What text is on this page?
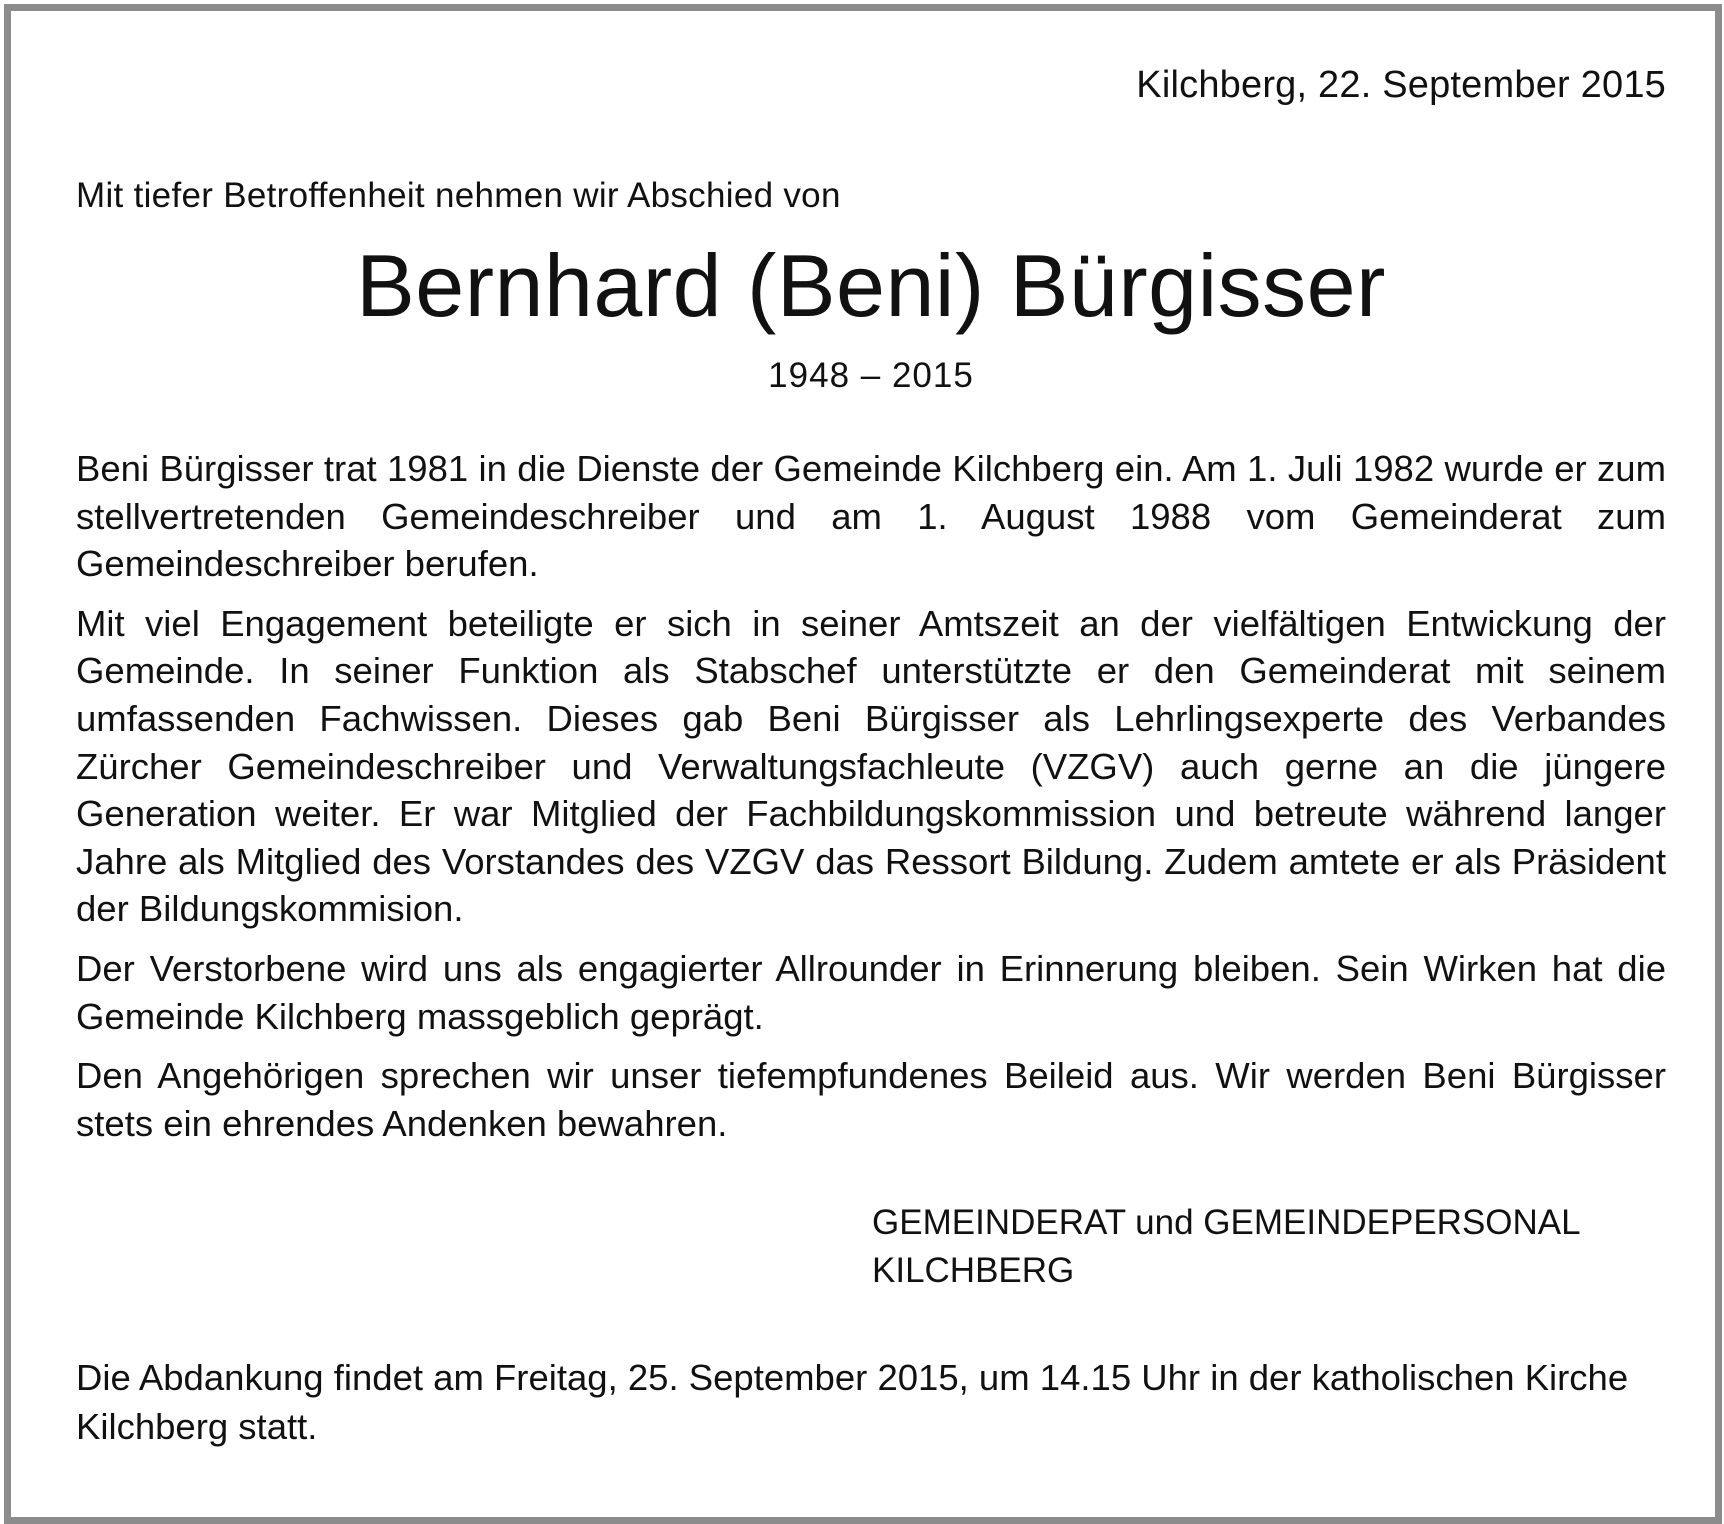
Kilchberg, 22. September 2015
Mit tiefer Betroffenheit nehmen wir Abschied von
Bernhard (Beni) Bürgisser
1948 – 2015

Beni Bürgisser trat 1981 in die Dienste der Gemeinde Kilchberg ein. Am 1. Juli 1982 wurde er zum stellvertretenden Gemeindeschreiber und am 1. August 1988 vom Gemeinderat zum Gemeindeschreiber berufen.

Mit viel Engagement beteiligte er sich in seiner Amtszeit an der vielfältigen Entwickung der Gemeinde. In seiner Funktion als Stabschef unterstützte er den Gemeinderat mit seinem umfassenden Fachwissen. Dieses gab Beni Bürgisser als Lehrlingsexperte des Verbandes Zürcher Gemeindeschreiber und Verwaltungsfachleute (VZGV) auch gerne an die jüngere Generation weiter. Er war Mitglied der Fachbildungskommission und betreute während langer Jahre als Mitglied des Vorstandes des VZGV das Ressort Bildung. Zudem amtete er als Präsident der Bildungskommision.

Der Verstorbene wird uns als engagierter Allrounder in Erinnerung bleiben. Sein Wirken hat die Gemeinde Kilchberg massgeblich geprägt.

Den Angehörigen sprechen wir unser tiefempfundenes Beileid aus. Wir werden Beni Bürgisser stets ein ehrendes Andenken bewahren.

GEMEINDERAT und GEMEINDEPERSONAL
KILCHBERG
Die Abdankung findet am Freitag, 25. September 2015, um 14.15 Uhr in der katholischen Kirche Kilchberg statt.
